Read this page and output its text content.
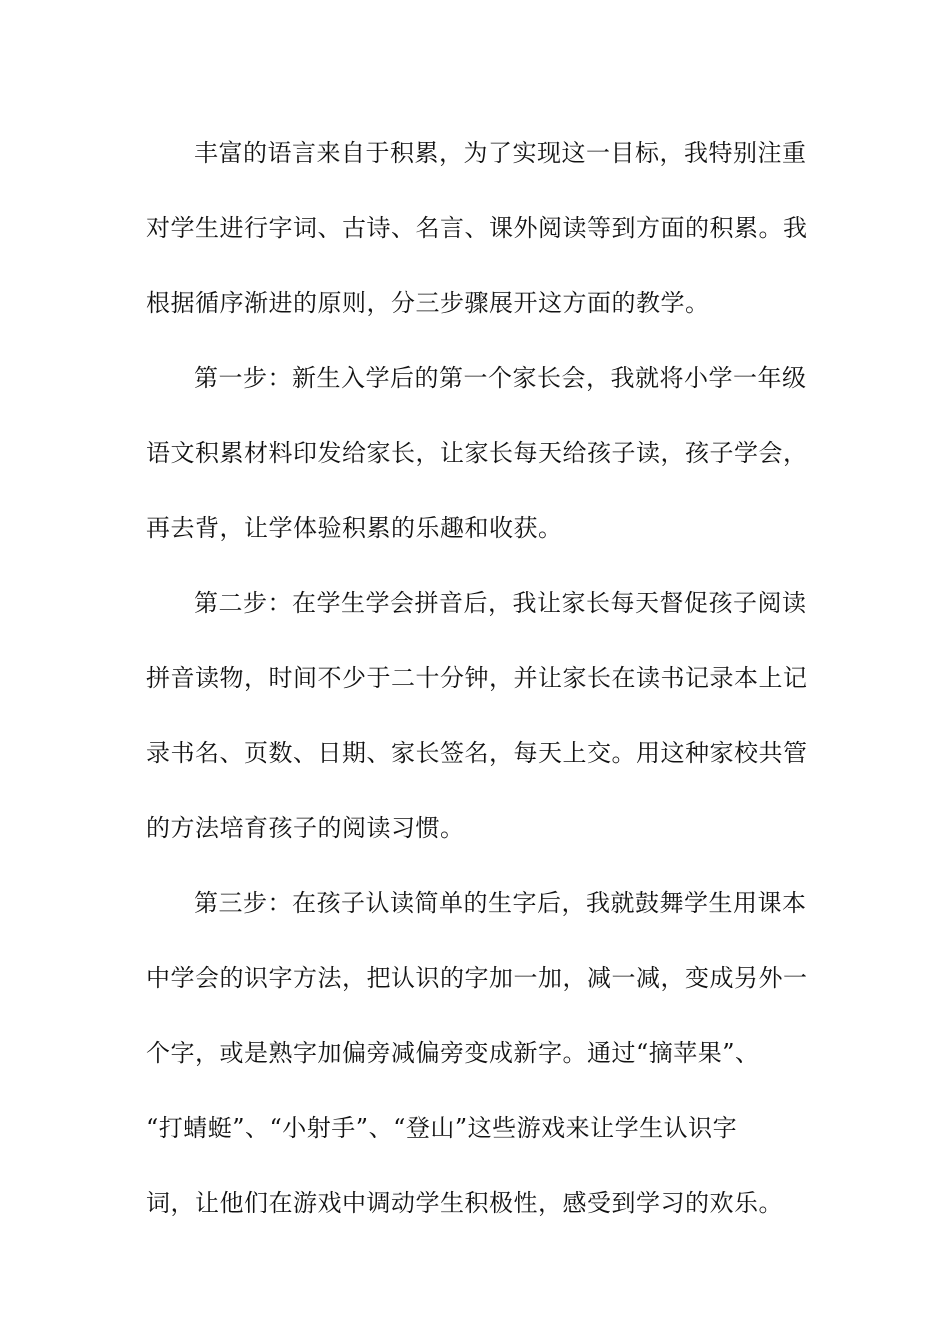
丰富的语言来自于积累，为了实现这一目标，我特别注重
对学生进行字词、古诗、名言、课外阅读等到方面的积累。我
根据循序渐进的原则，分三步骤展开这方面的教学。
第一步：新生入学后的第一个家长会，我就将小学一年级
语文积累材料印发给家长，让家长每天给孩子读，孩子学会，
再去背，让学体验积累的乐趣和收获。
第二步：在学生学会拼音后，我让家长每天督促孩子阅读
拼音读物，时间不少于二十分钟，并让家长在读书记录本上记
录书名、页数、日期、家长签名，每天上交。用这种家校共管
的方法培育孩子的阅读习惯。
第三步：在孩子认读简单的生字后，我就鼓舞学生用课本
中学会的识字方法，把认识的字加一加，减一减，变成另外一
个字，或是熟字加偏旁减偏旁变成新字。通过“摘苹果”、
“打蜻蜓”、“小射手”、“登山”这些游戏来让学生认识字
词，让他们在游戏中调动学生积极性，感受到学习的欢乐。
